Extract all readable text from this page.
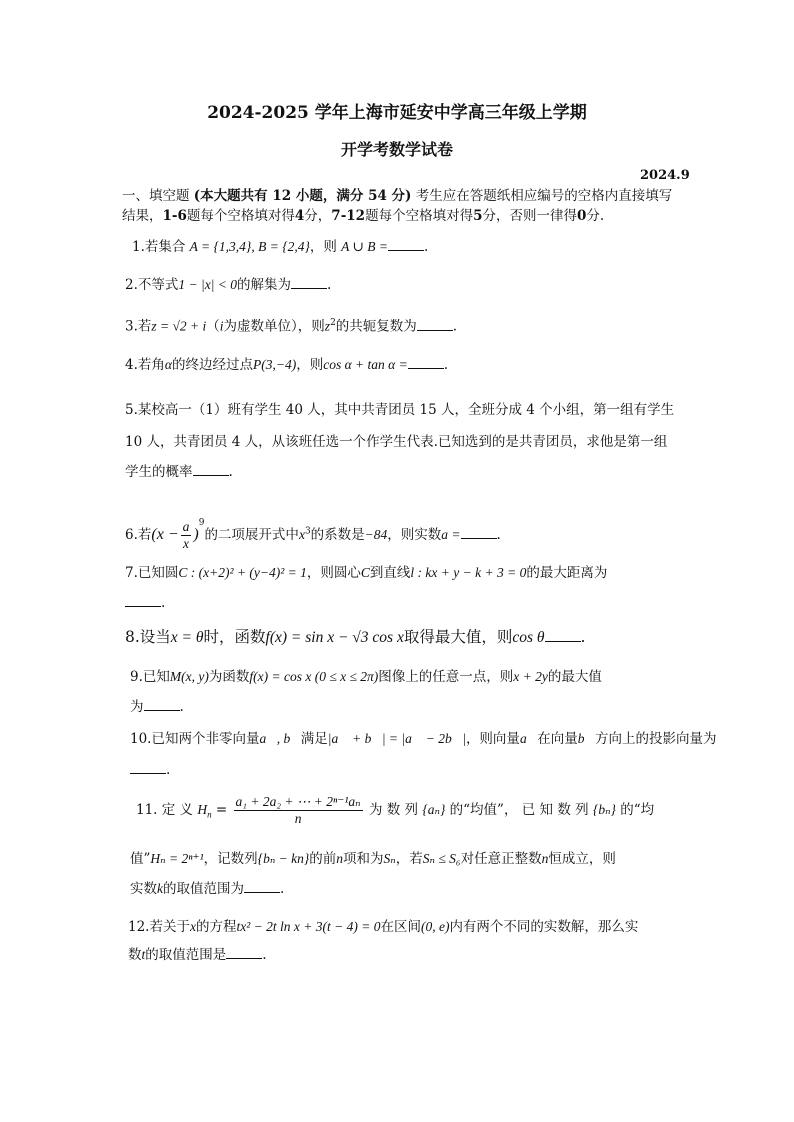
2024-2025 学年上海市延安中学高三年级上学期
开学考数学试卷
2024.9
一、填空题 (本大题共有 12 小题，满分 54 分) 考生应在答题纸相应编号的空格内直接填写
结果，1-6题每个空格填对得4分，7-12题每个空格填对得5分，否则一律得0分.
1.若集合 A = {1,3,4}, B = {2,4}，则 A ∪ B =	.
2.不等式1 − |x| < 0的解集为	.
3.若z = √2 + i（i为虚数单位），则$z^2$的共轭复数为	.
4.若角α的终边经过点P(3,−4)，则cos α + tan α =	.
5.某校高一（1）班有学生 40 人，其中共青团员 15 人，全班分成 4 个小组，第一组有学生
10 人，共青团员 4 人，从该班任选一个作学生代表.已知选到的是共青团员，求他是第一组
学生的概率	.
6.若$(x - \frac{a}{x} )^9$的二项展开式中$x^3$的系数是−84，则实数a =	.
7.已知圆C : (x+2)² + (y−4)² = 1，则圆心C到直线l : kx + y − k + 3 = 0的最大距离为
.
8.设当x = θ时，函数f(x) = sin x − √3 cos x取得最大值，则cos θ .
9.已知M(x, y)为函数f(x) = cos x (0 ≤ x ≤ 2π)图像上的任意一点，则x + 2y的最大值
为	.
10.已知两个非零向量a⃗, b⃗满足|a⃗ + b⃗| = |a⃗ − 2b⃗|，则向量a⃗在向量b⃗方向上的投影向量为
.
11. 定 义 $H_n = \frac{\text{a₁ + 2a₂ + ⋯ + 2ⁿ⁻¹aₙ}}{n}$ 为 数 列 {aₙ} 的“均值”， 已 知 数 列 {bₙ} 的“均
值”Hₙ = 2ⁿ⁺¹，记数列{bₙ − kn}的前n项和为Sₙ，若Sₙ ≤ S₆对任意正整数n恒成立，则
实数k的取值范围为	.
12.若关于x的方程tx² − 2t ln x + 3(t − 4) = 0在区间(0, e)内有两个不同的实数解，那么实
数t的取值范围是	.
